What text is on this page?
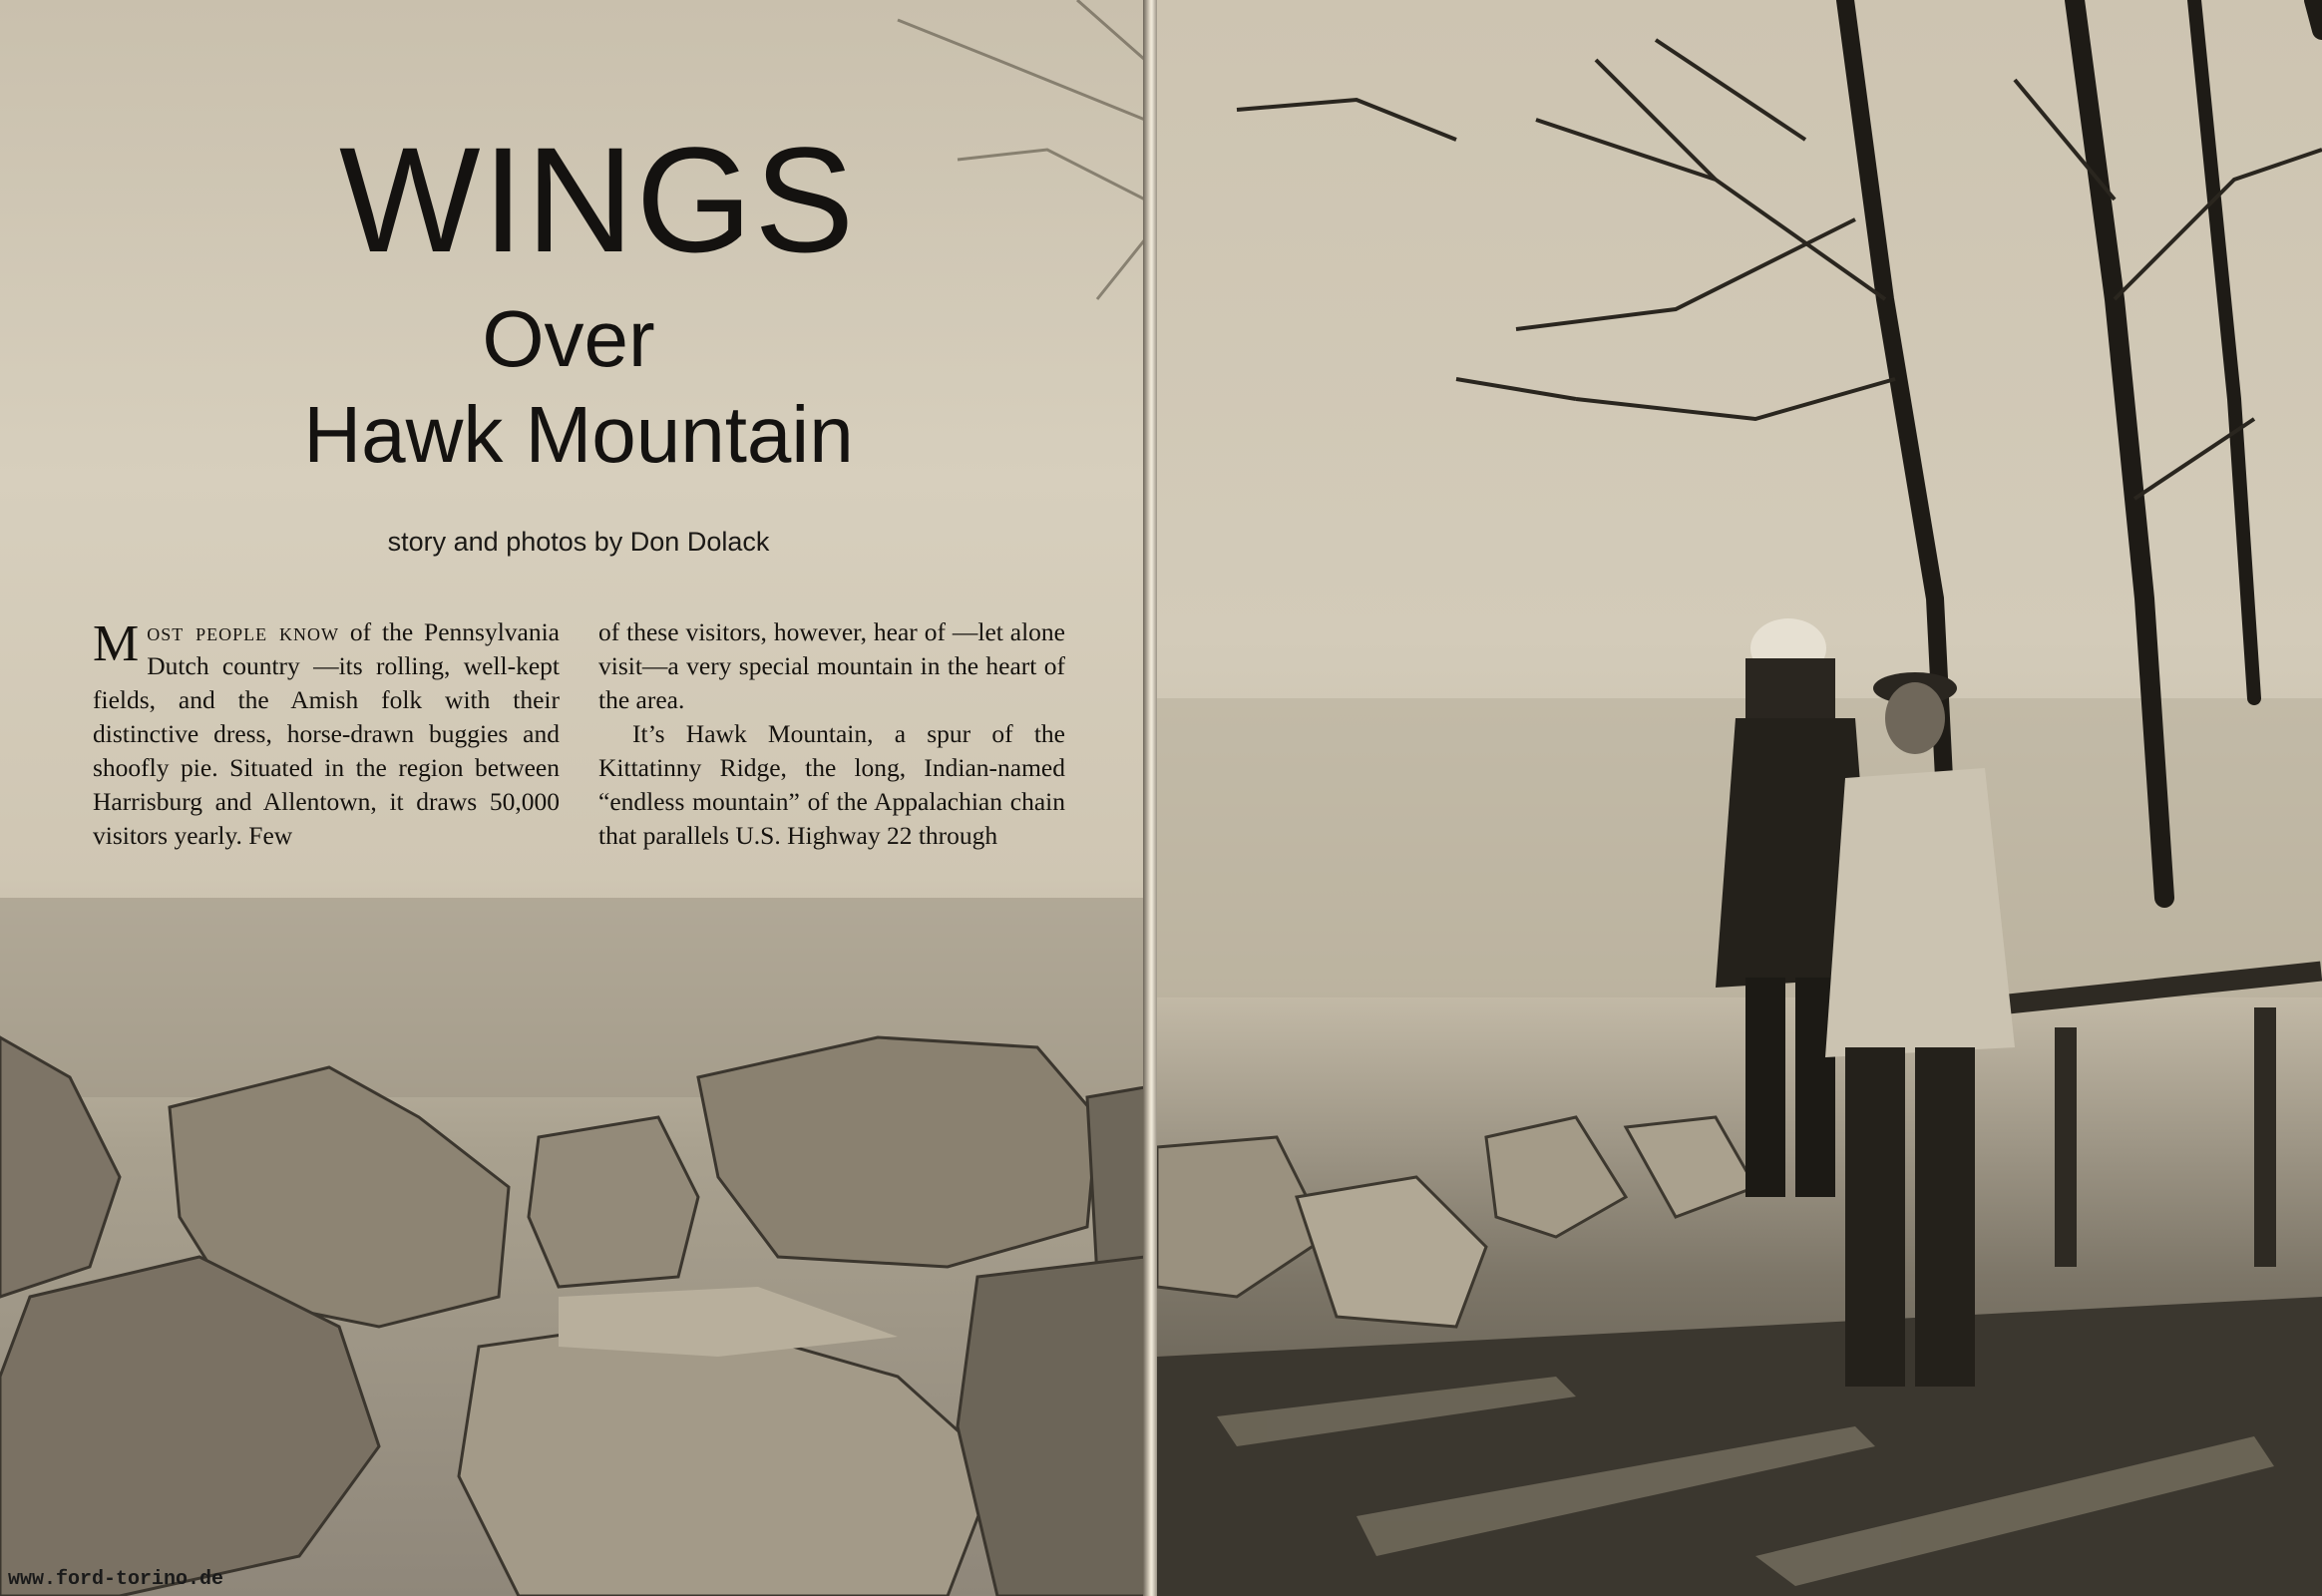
WINGS
Over
Hawk Mountain
story and photos by Don Dolack

Most people know of the Pennsylvania Dutch country —its rolling, well-kept fields, and the Amish folk with their distinctive dress, horse-drawn buggies and shoofly pie. Situated in the region between Harrisburg and Allentown, it draws 50,000 visitors yearly. Few

of these visitors, however, hear of —let alone visit—a very special mountain in the heart of the area.

It’s Hawk Mountain, a spur of the Kittatinny Ridge, the long, Indian-named “endless mountain” of the Appalachian chain that parallels U.S. Highway 22 through

www.ford-torino.de
